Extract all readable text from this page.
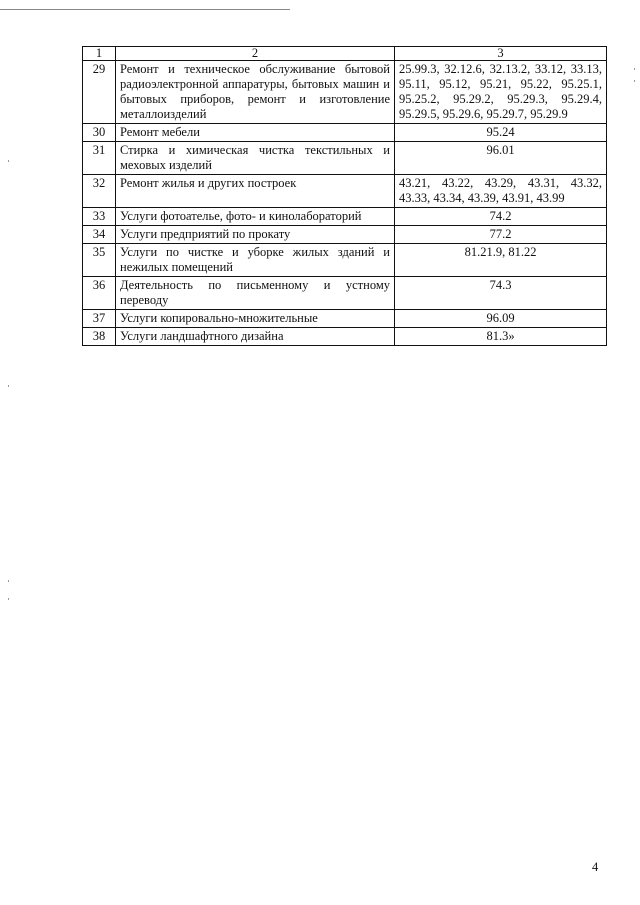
1	2	3
29	Ремонт и техническое обслуживание бытовой радиоэлектронной аппаратуры, бытовых машин и бытовых приборов, ремонт и изготовление металлоизделий	25.99.3, 32.12.6, 32.13.2, 33.12, 33.13, 95.11, 95.12, 95.21, 95.22, 95.25.1, 95.25.2, 95.29.2, 95.29.3, 95.29.4, 95.29.5, 95.29.6, 95.29.7, 95.29.9
30	Ремонт мебели	95.24
31	Стирка и химическая чистка текстильных и меховых изделий	96.01
32	Ремонт жилья и других построек	43.21, 43.22, 43.29, 43.31, 43.32, 43.33, 43.34, 43.39, 43.91, 43.99
33	Услуги фотоателье, фото- и кинолабораторий	74.2
34	Услуги предприятий по прокату	77.2
35	Услуги по чистке и уборке жилых зданий и нежилых помещений	81.21.9, 81.22
36	Деятельность по письменному и устному переводу	74.3
37	Услуги копировально-множительные	96.09
38	Услуги ландшафтного дизайна	81.3»
4
